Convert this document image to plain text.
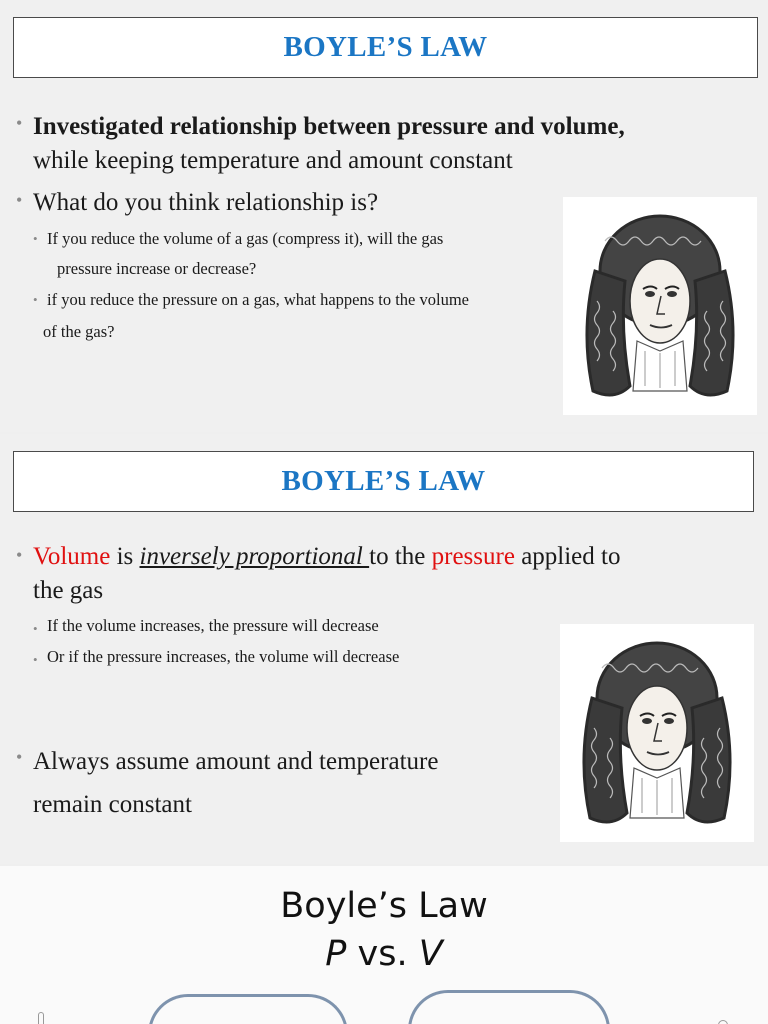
BOYLE’S LAW
• Investigated relationship between pressure and volume,
while keeping temperature and amount constant
• What do you think relationship is?
• If you reduce the volume of a gas (compress it), will the gas
pressure increase or decrease?
• if you reduce the pressure on a gas, what happens to the volume
of the gas?
BOYLE’S LAW
• Volume is inversely proportional to the pressure applied to
the gas
• If the volume increases, the pressure will decrease
• Or if the pressure increases, the volume will decrease
• Always assume amount and temperature
remain constant
Boyle’s Law
P vs. V
